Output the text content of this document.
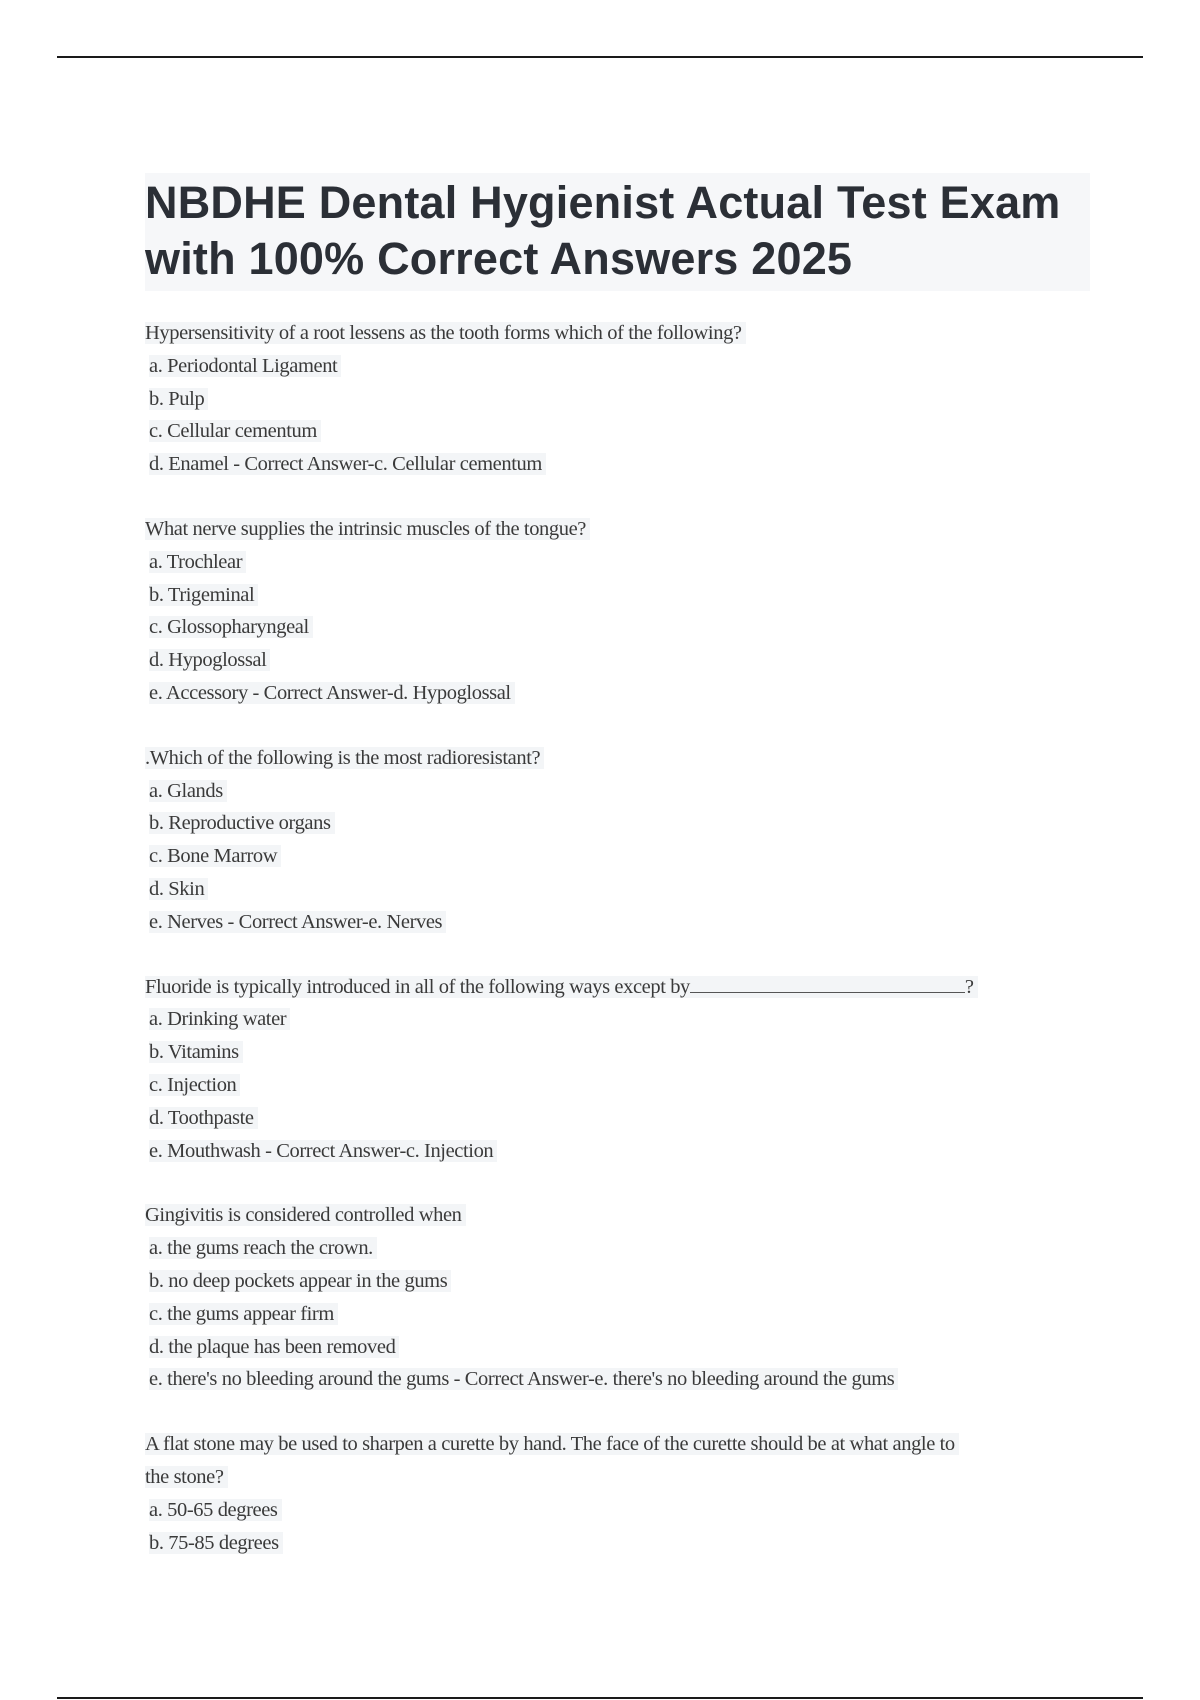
NBDHE Dental Hygienist Actual Test Exam with 100% Correct Answers 2025
Hypersensitivity of a root lessens as the tooth forms which of the following?
a. Periodontal Ligament
b. Pulp
c. Cellular cementum
d. Enamel - Correct Answer-c. Cellular cementum
What nerve supplies the intrinsic muscles of the tongue?
a. Trochlear
b. Trigeminal
c. Glossopharyngeal
d. Hypoglossal
e. Accessory - Correct Answer-d. Hypoglossal
.Which of the following is the most radioresistant?
a. Glands
b. Reproductive organs
c. Bone Marrow
d. Skin
e. Nerves - Correct Answer-e. Nerves
Fluoride is typically introduced in all of the following ways except by	?
a. Drinking water
b. Vitamins
c. Injection
d. Toothpaste
e. Mouthwash - Correct Answer-c. Injection
Gingivitis is considered controlled when
a. the gums reach the crown.
b. no deep pockets appear in the gums
c. the gums appear firm
d. the plaque has been removed
e. there's no bleeding around the gums - Correct Answer-e. there's no bleeding around the gums
A flat stone may be used to sharpen a curette by hand. The face of the curette should be at what angle to
the stone?
a. 50-65 degrees
b. 75-85 degrees
